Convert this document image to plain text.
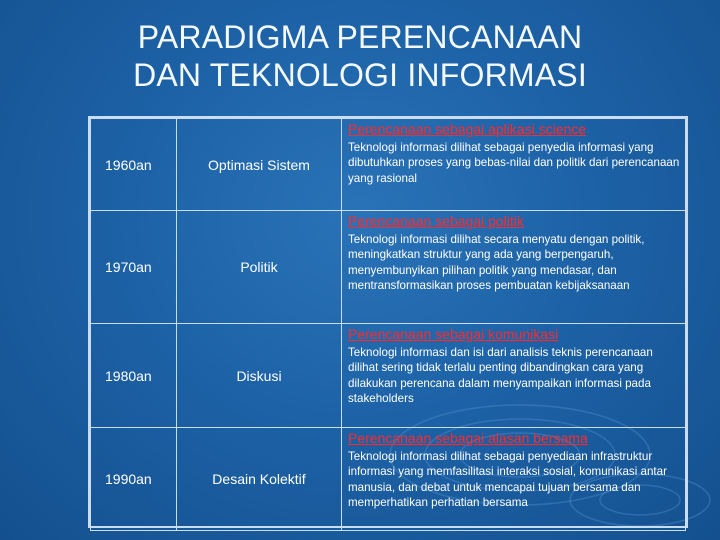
PARADIGMA PERENCANAAN
DAN TEKNOLOGI INFORMASI
1960an	Optimasi Sistem	Perencanaan sebagai aplikasi science
Teknologi informasi dilihat sebagai penyedia informasi yang dibutuhkan proses yang bebas-nilai dan politik dari perencanaan yang rasional

1970an	Politik	Perencanaan sebagai politik
Teknologi informasi dilihat secara menyatu dengan politik, meningkatkan struktur yang ada yang berpengaruh, menyembunyikan pilihan politik yang mendasar, dan mentransformasikan proses pembuatan kebijaksanaan

1980an	Diskusi	Perencanaan sebagai komunikasi
Teknologi informasi dan isi dari analisis teknis perencanaan dilihat sering tidak terlalu penting dibandingkan cara yang dilakukan perencana dalam menyampaikan informasi pada stakeholders

1990an	Desain Kolektif	Perencanaan sebagai alasan bersama
Teknologi informasi dilihat sebagai penyediaan infrastruktur informasi yang memfasilitasi interaksi sosial, komunikasi antar manusia, dan debat untuk mencapai tujuan bersama dan memperhatikan perhatian bersama
